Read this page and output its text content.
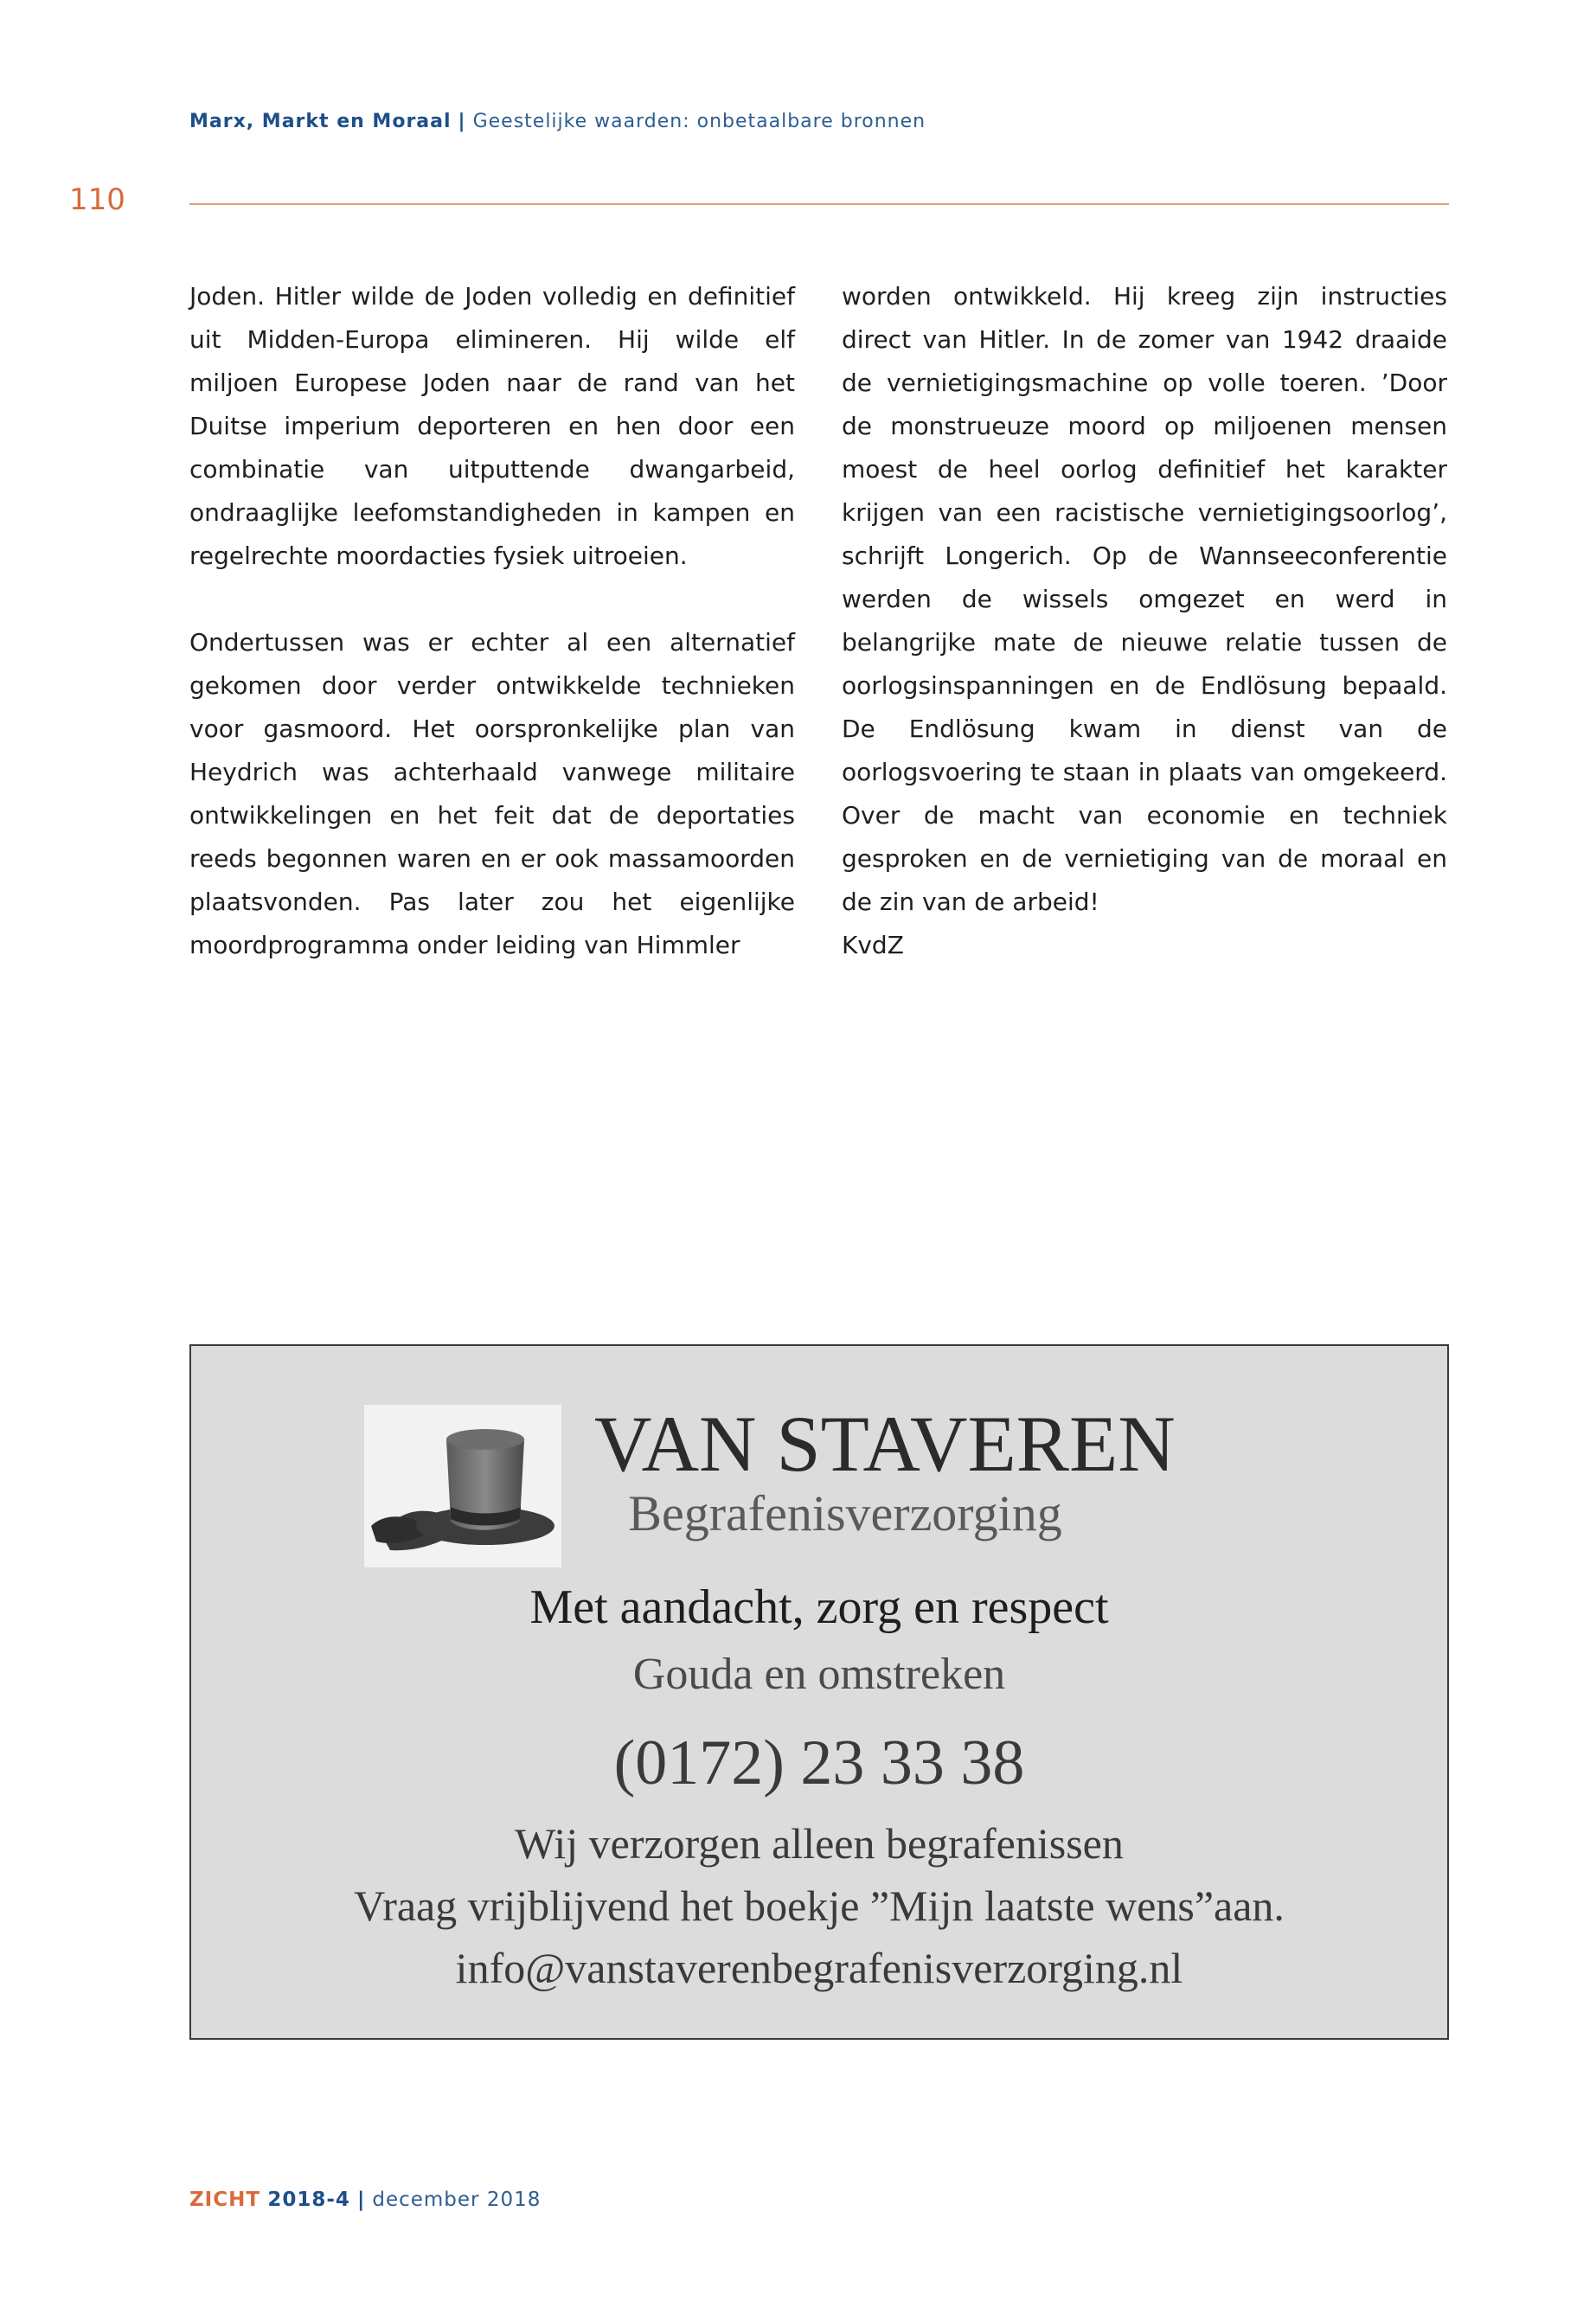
Marx, Markt en Moraal | Geestelijke waarden: onbetaalbare bronnen
110

Joden. Hitler wilde de Joden volledig en definitief uit Midden-Europa elimineren. Hij wilde elf miljoen Europese Joden naar de rand van het Duitse imperium deporteren en hen door een combinatie van uitputtende dwangarbeid, ondraaglijke leefomstandigheden in kampen en regelrechte moordacties fysiek uitroeien.

Ondertussen was er echter al een alternatief gekomen door verder ontwikkelde technieken voor gasmoord. Het oorspronkelijke plan van Heydrich was achterhaald vanwege militaire ontwikkelingen en het feit dat de deportaties reeds begonnen waren en er ook massamoorden plaatsvonden. Pas later zou het eigenlijke moordprogramma onder leiding van Himmler

worden ontwikkeld. Hij kreeg zijn instructies direct van Hitler. In de zomer van 1942 draaide de vernietigingsmachine op volle toeren. ’Door de monstrueuze moord op miljoenen mensen moest de heel oorlog definitief het karakter krijgen van een racistische vernietigingsoorlog’, schrijft Longerich. Op de Wannseeconferentie werden de wissels omgezet en werd in belangrijke mate de nieuwe relatie tussen de oorlogsinspanningen en de Endlösung bepaald. De Endlösung kwam in dienst van de oorlogsvoering te staan in plaats van omgekeerd. Over de macht van economie en techniek gesproken en de vernietiging van de moraal en de zin van de arbeid!

KvdZ

VAN STAVEREN
Begrafenisverzorging
Met aandacht, zorg en respect
Gouda en omstreken
(0172) 23 33 38
Wij verzorgen alleen begrafenissen
Vraag vrijblijvend het boekje ”Mijn laatste wens”aan.
info@vanstaverenbegrafenisverzorging.nl
ZICHT 2018-4 | december 2018
